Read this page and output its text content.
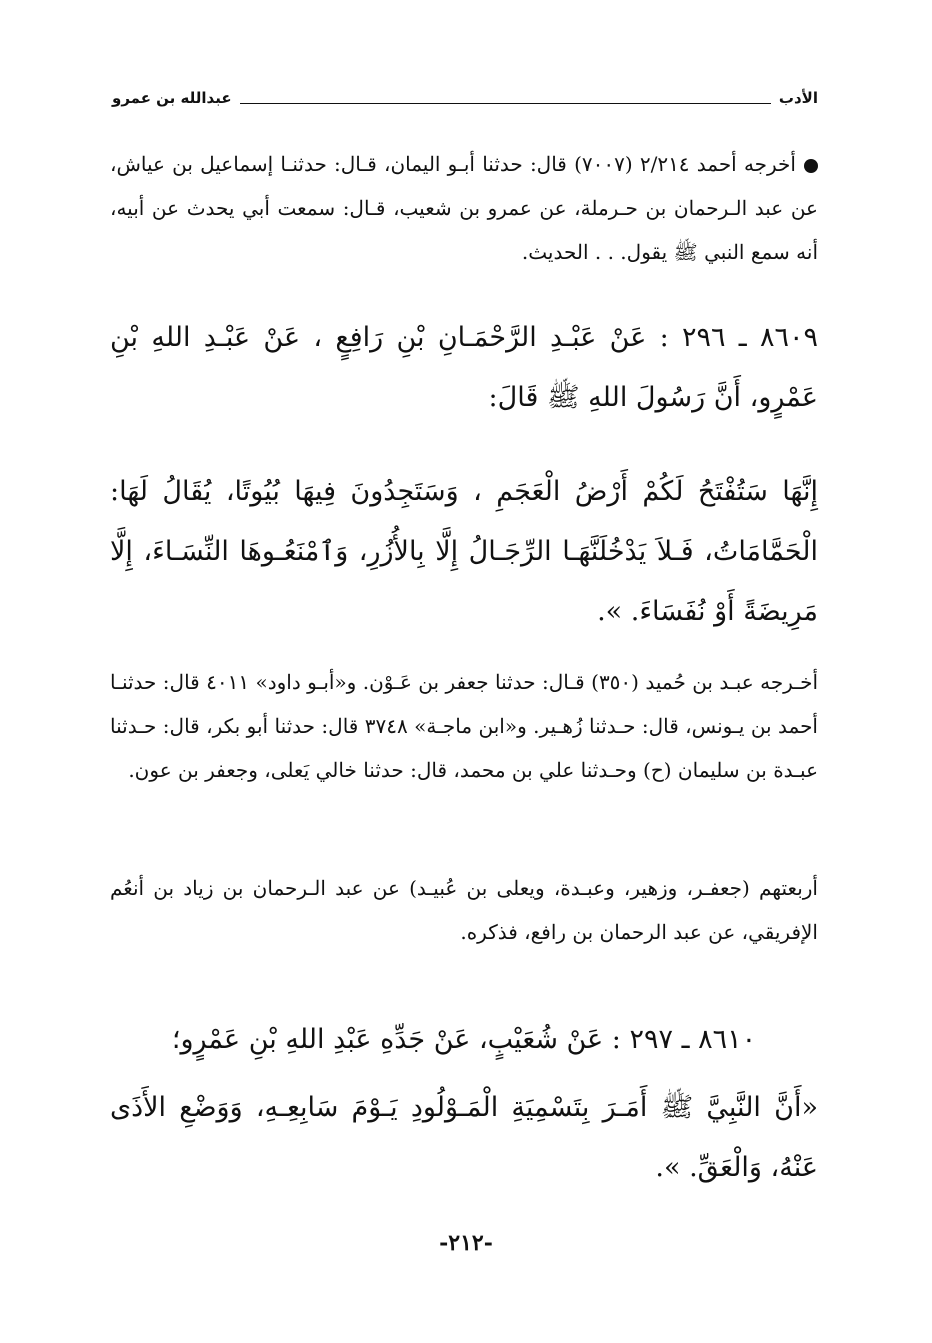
الأدب
عبدالله بن عمرو
أخرجه أحمد ٢/٢١٤ (٧٠٠٧) قال: حدثنا أبـو اليمان، قـال: حدثنـا إسماعيل بن عياش، عن عبد الـرحمان بن حـرملة، عن عمرو بن شعيب، قـال: سمعت أبي يحدث عن أبيه، أنه سمع النبي ﷺ يقول. . . الحديث.
٨٦٠٩ ـ ٢٩٦ : عَنْ عَبْـدِ الرَّحْمَـانِ بْنِ رَافِعٍ ، عَنْ عَبْـدِ اللهِ بْنِ عَمْرٍو، أَنَّ رَسُولَ اللهِ ﷺ قَالَ:
إِنَّهَا سَتُفْتَحُ لَكُمْ أَرْضُ الْعَجَمِ ، وَسَتَجِدُونَ فِيهَا بُيُوتًا، يُقَالُ لَهَا: الْحَمَّامَاتُ، فَـلاَ يَدْخُلَنَّهَـا الرِّجَـالُ إِلَّا بِالأُزُرِ، وَٱمْنَعُـوهَا النِّسَـاءَ، إِلَّا مَرِيضَةً أَوْ نُفَسَاءَ. ».
أخـرجه عبـد بن حُميد (٣٥٠) قـال: حدثنا جعفر بن عَـوْن. و«أبـو داود» ٤٠١١ قال: حدثنـا أحمد بن يـونس، قال: حـدثنا زُهـير. و«ابن ماجـة» ٣٧٤٨ قال: حدثنا أبو بكر، قال: حـدثنا عبـدة بن سليمان (ح) وحـدثنا علي بن محمد، قال: حدثنا خالي يَعلى، وجعفر بن عون.
أربعتهم (جعفـر، وزهير، وعبـدة، ويعلى بن عُبيـد) عن عبد الـرحمان بن زياد بن أنعُم الإفريقي، عن عبد الرحمان بن رافع، فذكره.
٨٦١٠ ـ ٢٩٧ : عَنْ شُعَيْبٍ، عَنْ جَدِّهِ عَبْدِ اللهِ بْنِ عَمْرٍو؛
«أَنَّ النَّبِيَّ ﷺ أَمَـرَ بِتَسْمِيَةِ الْمَـوْلُودِ يَـوْمَ سَابِعِـهِ، وَوَضْعِ الأَذَى عَنْهُ، وَالْعَقِّ. ».
-٢١٢-
